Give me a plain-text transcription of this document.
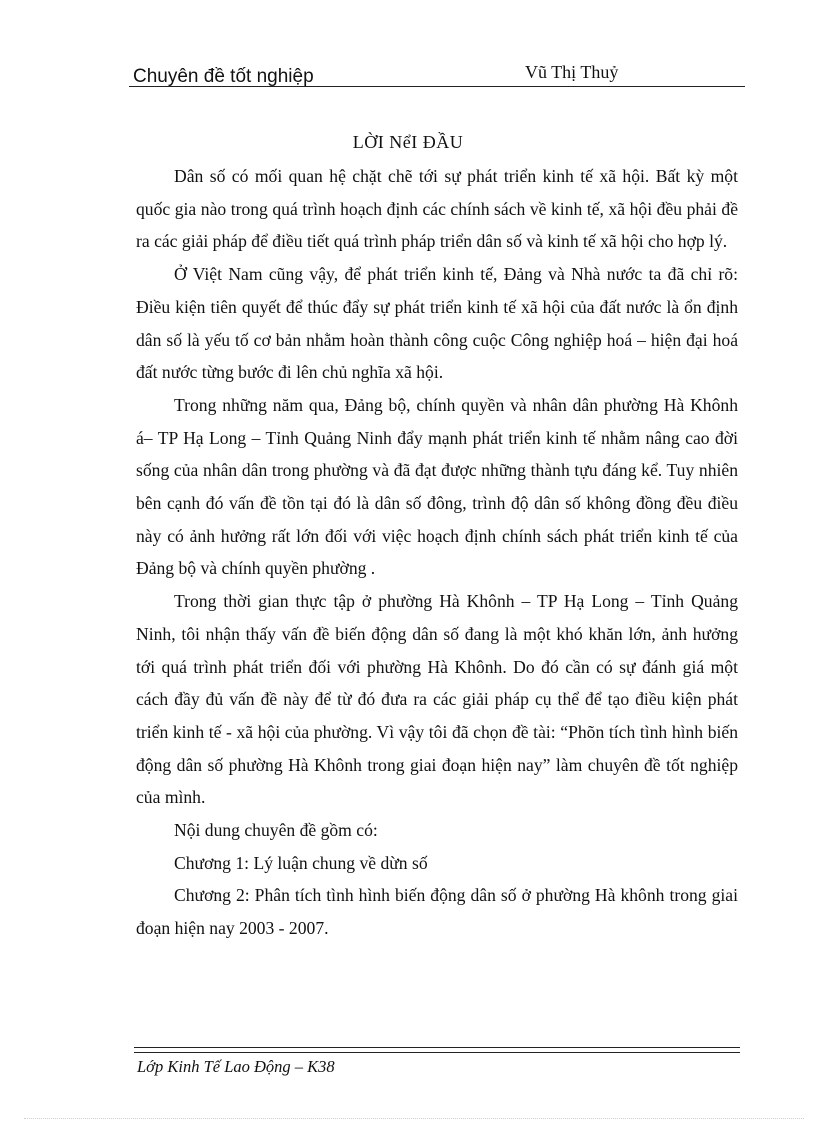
Chuyên đề tốt nghiệp	Vũ Thị Thuỷ
LỜI NểI ĐẦU

Dân số có mối quan hệ chặt chẽ tới sự phát triển kinh tế xã hội. Bất kỳ một quốc gia nào trong quá trình hoạch định các chính sách về kinh tế, xã hội đều phải đề ra các giải pháp để điều tiết quá trình pháp triển dân số và kinh tế xã hội cho hợp lý.

Ở Việt Nam cũng vậy, để phát triển kinh tế, Đảng và Nhà nước ta đã chỉ rõ: Điều kiện tiên quyết để thúc đẩy sự phát triển kinh tế xã hội của đất nước là ổn định dân số là yếu tố cơ bản nhằm hoàn thành công cuộc Công nghiệp hoá – hiện đại hoá đất nước từng bước đi lên chủ nghĩa xã hội.

Trong những năm qua, Đảng bộ, chính quyền và nhân dân phường Hà Khônh á– TP Hạ Long – Tỉnh Quảng Ninh đẩy mạnh phát triển kinh tế nhằm nâng cao đời sống của nhân dân trong phường và đã đạt được những thành tựu đáng kể. Tuy nhiên bên cạnh đó vấn đề tồn tại đó là dân số đông, trình độ dân số không đồng đều điều này có ảnh hưởng rất lớn đối với việc hoạch định chính sách phát triển kinh tế của Đảng bộ và chính quyền phường .

Trong thời gian thực tập ở phường Hà Khônh – TP Hạ Long – Tỉnh Quảng Ninh, tôi nhận thấy vấn đề biến động dân số đang là một khó khăn lớn, ảnh hưởng tới quá trình phát triển đối với phường Hà Khônh. Do đó cần có sự đánh giá một cách đầy đủ vấn đề này để từ đó đưa ra các giải pháp cụ thể để tạo điều kiện phát triển kinh tế - xã hội của phường. Vì vậy tôi đã chọn đề tài: “Phõn tích tình hình biến động dân số phường Hà Khônh trong giai đoạn hiện nay” làm chuyên đề tốt nghiệp của mình.

Nội dung chuyên đề gồm có:

Chương 1: Lý luận chung về dừn số

Chương 2: Phân tích tình hình biến động dân số ở phường Hà khônh trong giai đoạn hiện nay 2003 - 2007.

Lớp Kinh Tế Lao Động – K38
